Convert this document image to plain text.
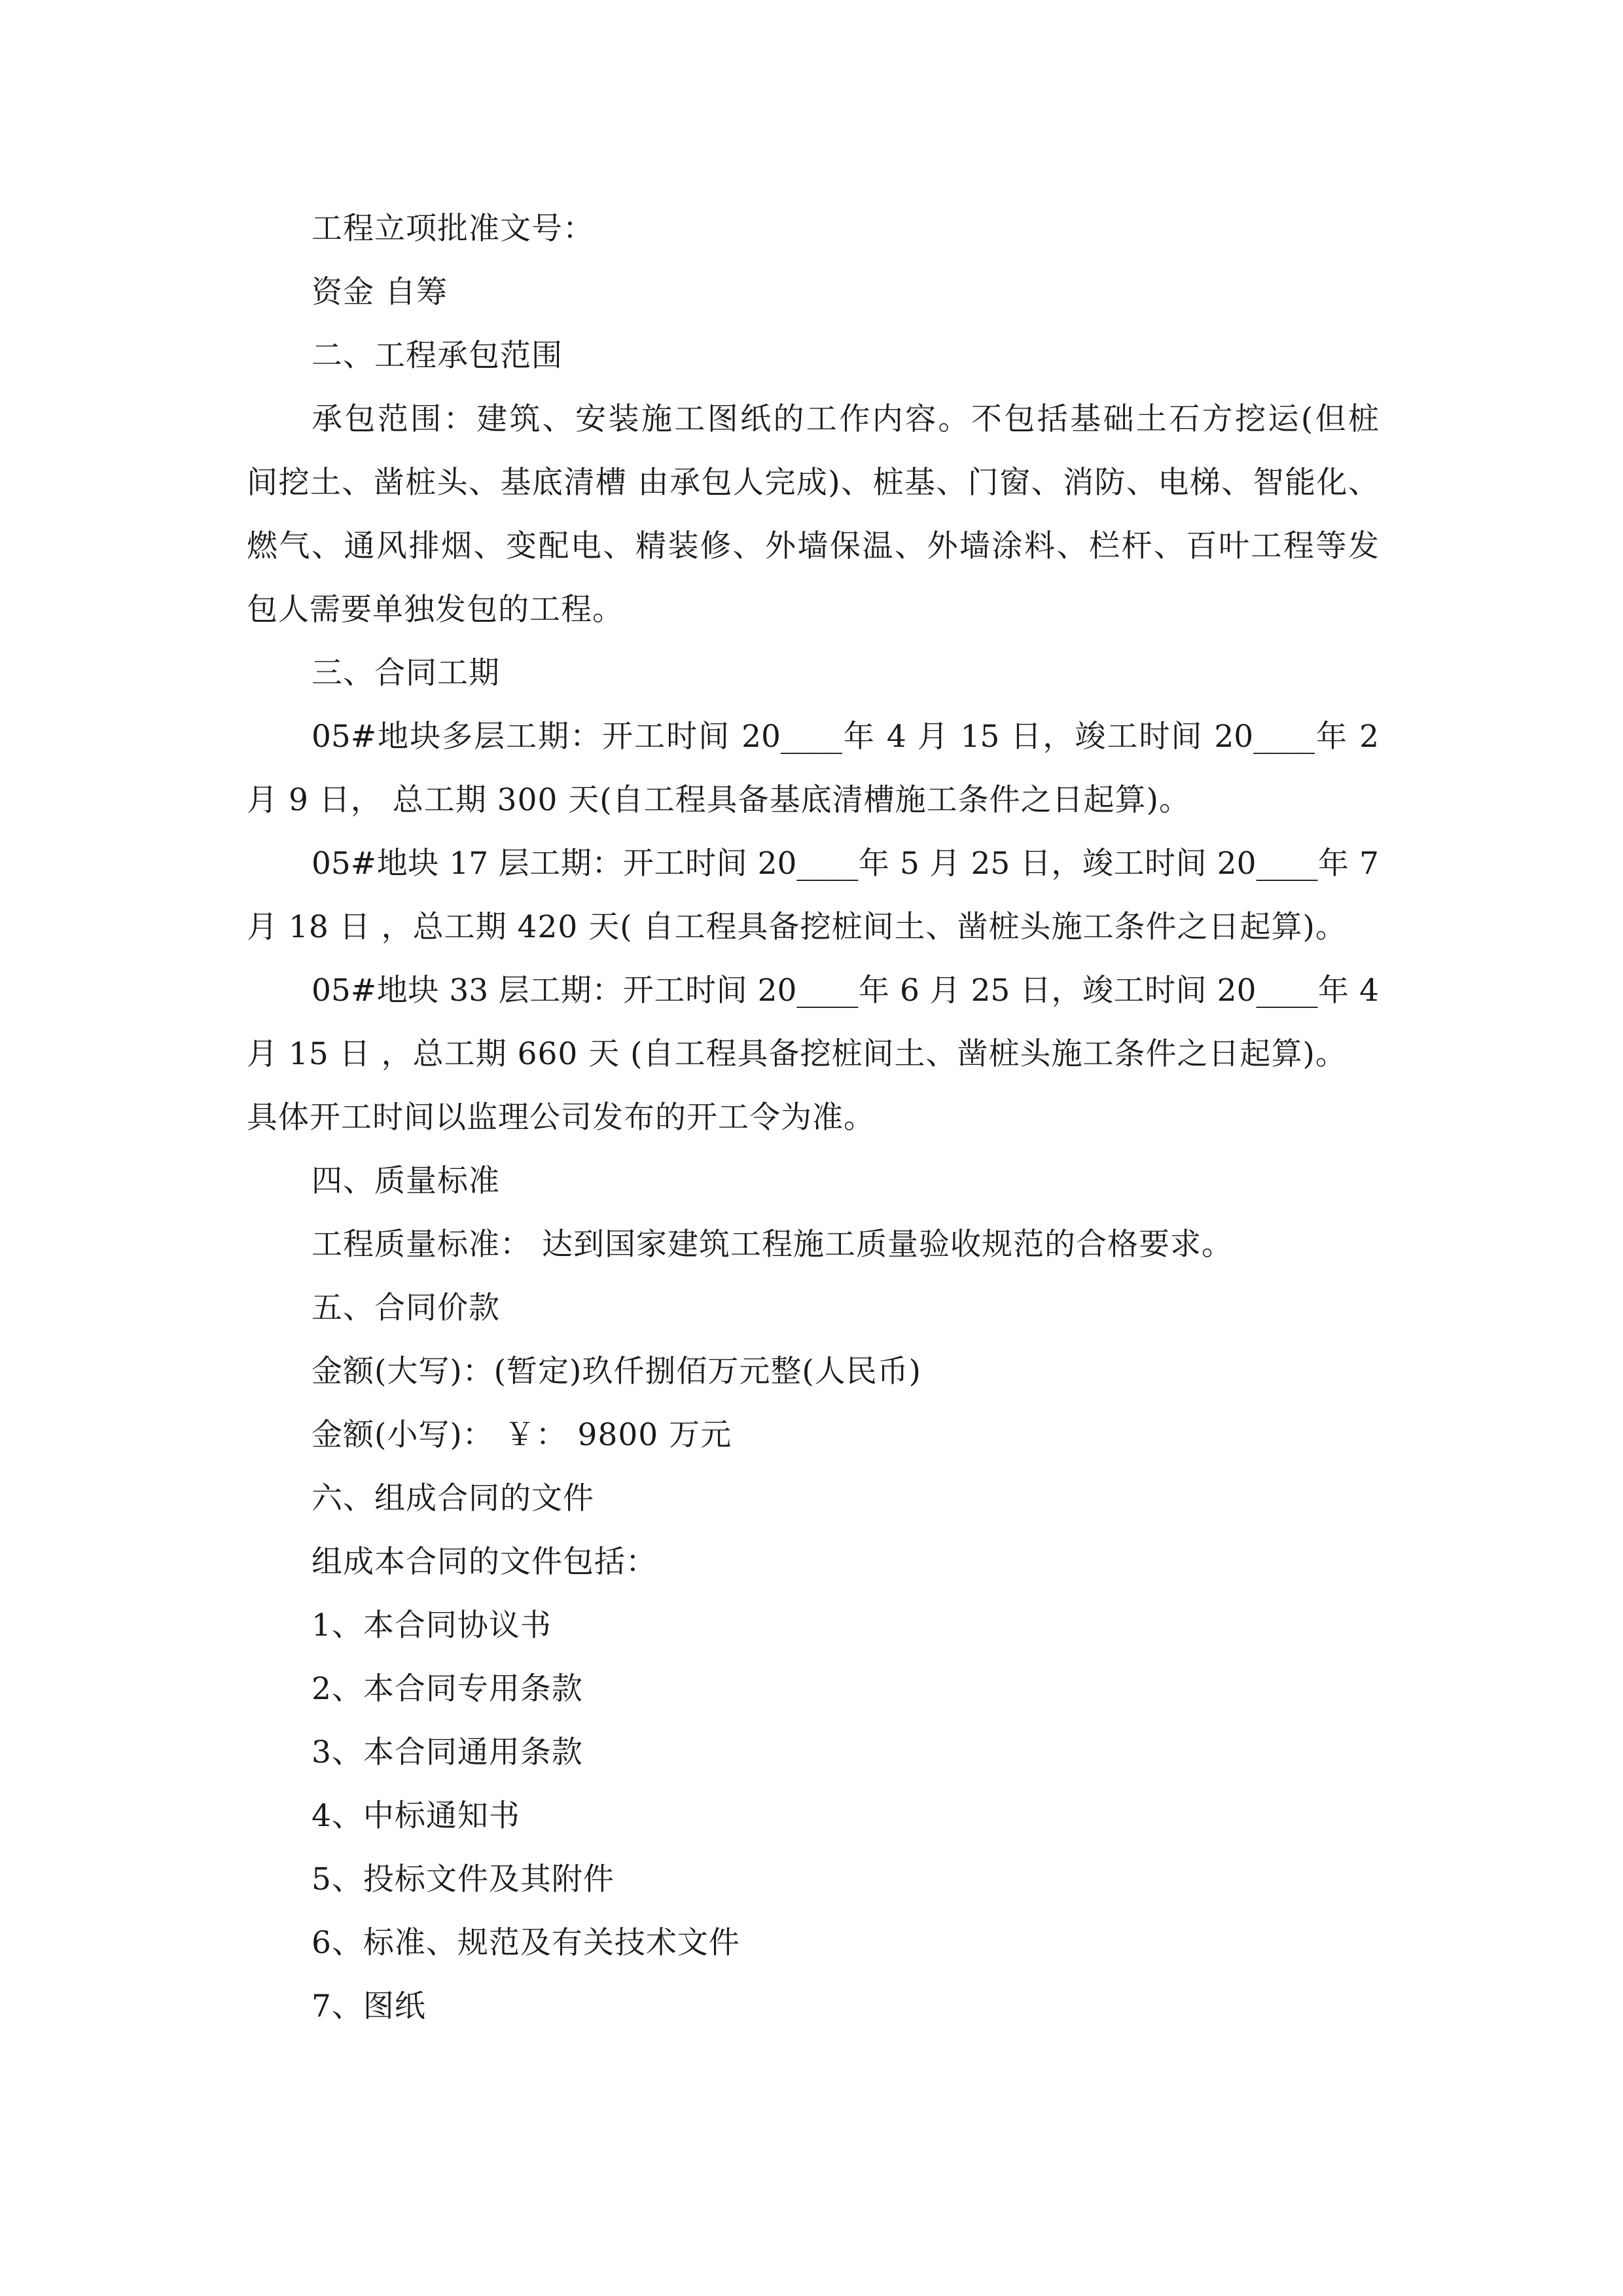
工程立项批准文号：
资金 自筹
二、工程承包范围
承包范围：建筑、安装施工图纸的工作内容。不包括基础土石方挖运(但桩
间挖土、凿桩头、基底清槽 由承包人完成)、桩基、门窗、消防、电梯、智能化、
燃气、通风排烟、变配电、精装修、外墙保温、外墙涂料、栏杆、百叶工程等发
包人需要单独发包的工程。
三、合同工期
05#地块多层工期：开工时间 20____年 4 月 15 日，竣工时间 20____年 2
月 9 日， 总工期 300 天(自工程具备基底清槽施工条件之日起算)。
05#地块 17 层工期：开工时间 20____年 5 月 25 日，竣工时间 20____年 7
月 18 日 ，总工期 420 天( 自工程具备挖桩间土、凿桩头施工条件之日起算)。
05#地块 33 层工期：开工时间 20____年 6 月 25 日，竣工时间 20____年 4
月 15 日 ，总工期 660 天 (自工程具备挖桩间土、凿桩头施工条件之日起算)。
具体开工时间以监理公司发布的开工令为准。
四、质量标准
工程质量标准： 达到国家建筑工程施工质量验收规范的合格要求。
五、合同价款
金额(大写)：(暂定)玖仟捌佰万元整(人民币)
金额(小写)： ￥： 9800 万元
六、组成合同的文件
组成本合同的文件包括：
1、本合同协议书
2、本合同专用条款
3、本合同通用条款
4、中标通知书
5、投标文件及其附件
6、标准、规范及有关技术文件
7、图纸
